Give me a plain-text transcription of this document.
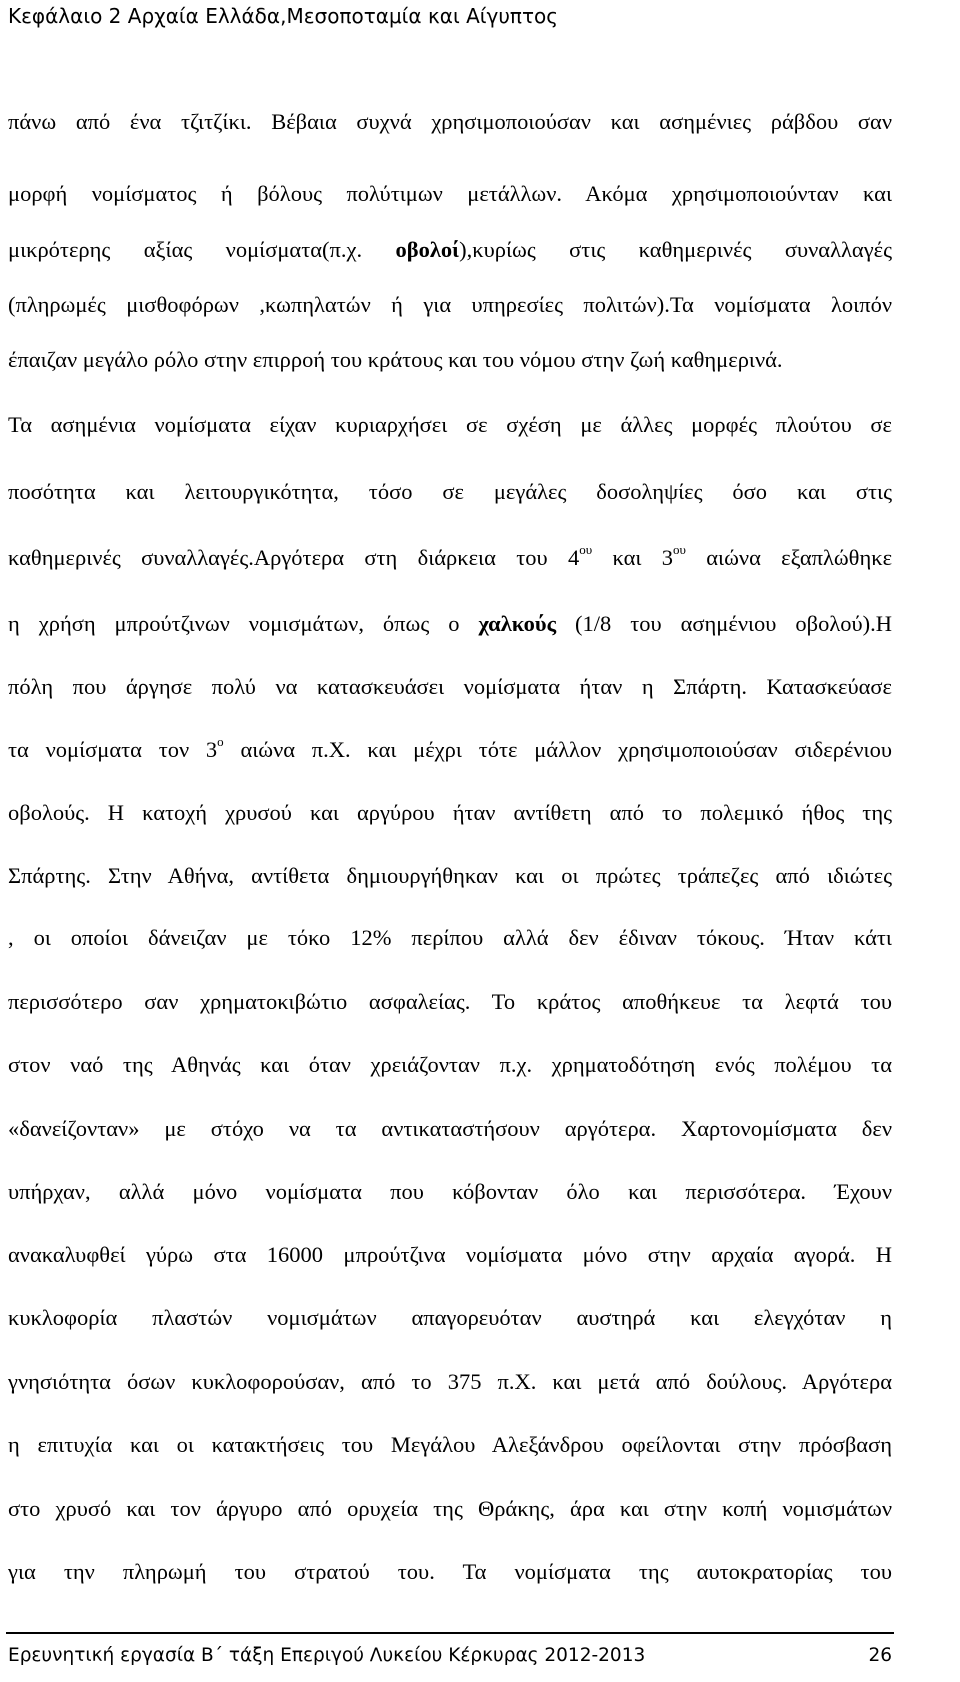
Κεφάλαιο 2 Αρχαία Ελλάδα,Μεσοποταμία και Αίγυπτος
πάνω από ένα τζιτζίκι. Βέβαια συχνά χρησιμοποιούσαν και ασημένιες ράβδου σαν
μορφή νομίσματος ή βόλους πολύτιμων μετάλλων. Ακόμα χρησιμοποιούνταν και
μικρότερης αξίας νομίσματα(π.χ. οβολοί),κυρίως στις καθημερινές συναλλαγές
(πληρωμές μισθοφόρων ,κωπηλατών ή για υπηρεσίες πολιτών).Τα νομίσματα λοιπόν
έπαιζαν μεγάλο ρόλο στην επιρροή του κράτους και του νόμου στην ζωή καθημερινά.
Τα ασημένια νομίσματα είχαν κυριαρχήσει σε σχέση με άλλες μορφές πλούτου σε
ποσότητα και λειτουργικότητα, τόσο σε μεγάλες δοσοληψίες όσο και στις
καθημερινές συναλλαγές.Αργότερα στη διάρκεια του $4^{o\upsilon}$ και $3^{o\upsilon}$ αιώνα εξαπλώθηκε
η χρήση μπρούτζινων νομισμάτων, όπως ο χαλκούς (1/8 του ασημένιου οβολού).Η
πόλη που άργησε πολύ να κατασκευάσει νομίσματα ήταν η Σπάρτη. Κατασκεύασε
τα νομίσματα τον $3^o$ αιώνα π.Χ. και μέχρι τότε μάλλον χρησιμοποιούσαν σιδερένιου
οβολούς. Η κατοχή χρυσού και αργύρου ήταν αντίθετη από το πολεμικό ήθος της
Σπάρτης. Στην Αθήνα, αντίθετα δημιουργήθηκαν και οι πρώτες τράπεζες από ιδιώτες
, οι οποίοι δάνειζαν με τόκο 12% περίπου αλλά δεν έδιναν τόκους. Ήταν κάτι
περισσότερο σαν χρηματοκιβώτιο ασφαλείας. Το κράτος αποθήκευε τα λεφτά του
στον ναό της Αθηνάς και όταν χρειάζονταν π.χ. χρηματοδότηση ενός πολέμου τα
«δανείζονταν» με στόχο να τα αντικαταστήσουν αργότερα. Χαρτονομίσματα δεν
υπήρχαν, αλλά μόνο νομίσματα που κόβονταν όλο και περισσότερα. Έχουν
ανακαλυφθεί γύρω στα 16000 μπρούτζινα νομίσματα μόνο στην αρχαία αγορά. Η
κυκλοφορία πλαστών νομισμάτων απαγορευόταν αυστηρά και ελεγχόταν η
γνησιότητα όσων κυκλοφορούσαν, από το 375 π.Χ. και μετά από δούλους. Αργότερα
η επιτυχία και οι κατακτήσεις του Μεγάλου Αλεξάνδρου οφείλονται στην πρόσβαση
στο χρυσό και τον άργυρο από ορυχεία της Θράκης, άρα και στην κοπή νομισμάτων
για την πληρωμή του στρατού του. Τα νομίσματα της αυτοκρατορίας του
Ερευνητική εργασία Β΄ τάξη Επεριγού Λυκείου Κέρκυρας 2012-2013	26
